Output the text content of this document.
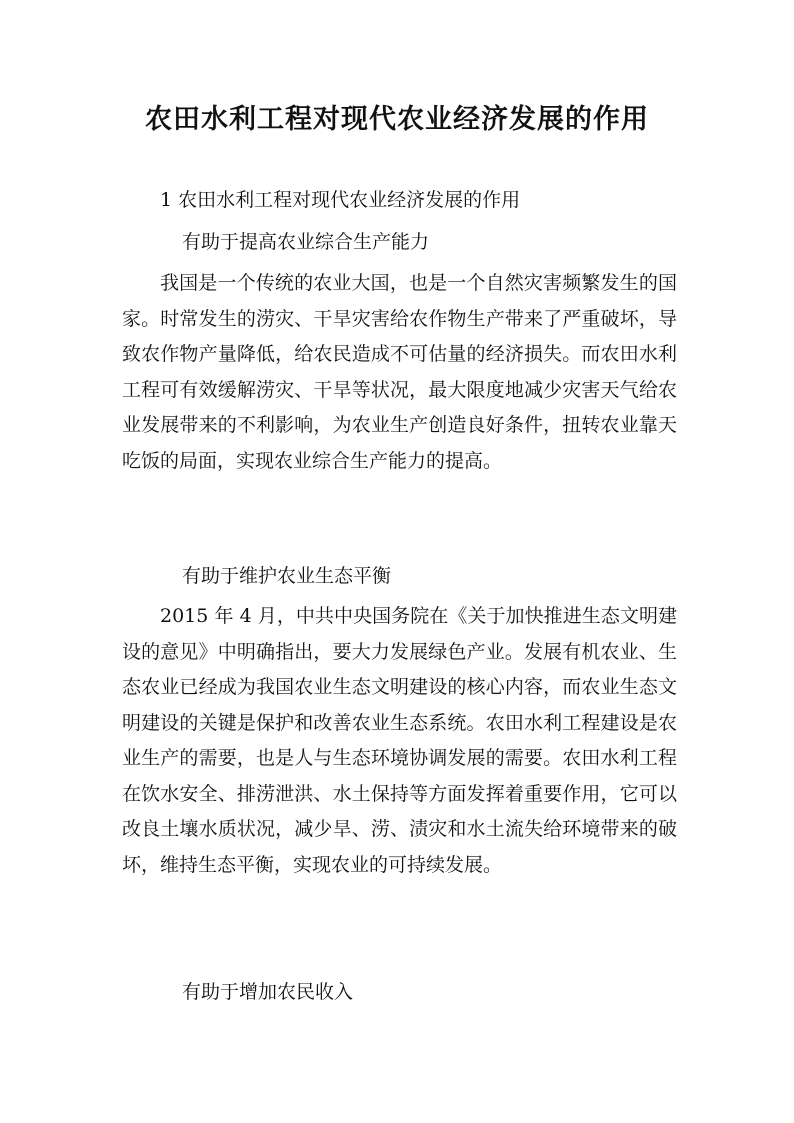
农田水利工程对现代农业经济发展的作用

1 农田水利工程对现代农业经济发展的作用

有助于提高农业综合生产能力

我国是一个传统的农业大国，也是一个自然灾害频繁发生的国家。时常发生的涝灾、干旱灾害给农作物生产带来了严重破坏，导致农作物产量降低，给农民造成不可估量的经济损失。而农田水利工程可有效缓解涝灾、干旱等状况，最大限度地减少灾害天气给农业发展带来的不利影响，为农业生产创造良好条件，扭转农业靠天吃饭的局面，实现农业综合生产能力的提高。

有助于维护农业生态平衡

2015 年 4 月，中共中央国务院在《关于加快推进生态文明建设的意见》中明确指出，要大力发展绿色产业。发展有机农业、生态农业已经成为我国农业生态文明建设的核心内容，而农业生态文明建设的关键是保护和改善农业生态系统。农田水利工程建设是农业生产的需要，也是人与生态环境协调发展的需要。农田水利工程在饮水安全、排涝泄洪、水土保持等方面发挥着重要作用，它可以改良土壤水质状况，减少旱、涝、渍灾和水土流失给环境带来的破坏，维持生态平衡，实现农业的可持续发展。

有助于增加农民收入
